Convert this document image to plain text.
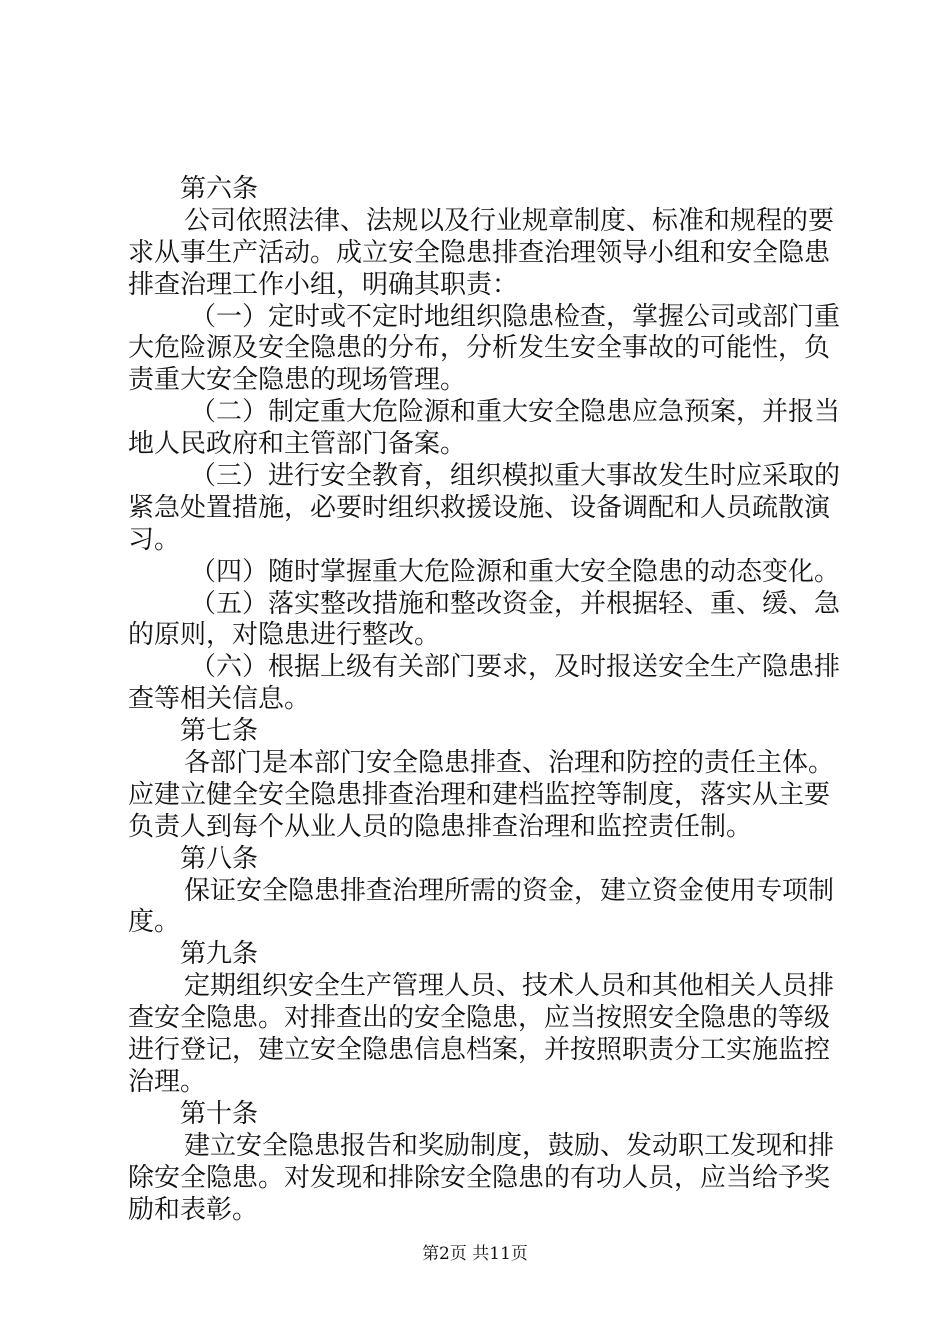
第六条
公司依照法律、法规以及行业规章制度、标准和规程的要
求从事生产活动。成立安全隐患排查治理领导小组和安全隐患
排查治理工作小组，明确其职责：
（一）定时或不定时地组织隐患检查，掌握公司或部门重
大危险源及安全隐患的分布，分析发生安全事故的可能性，负
责重大安全隐患的现场管理。
（二）制定重大危险源和重大安全隐患应急预案，并报当
地人民政府和主管部门备案。
（三）进行安全教育，组织模拟重大事故发生时应采取的
紧急处置措施，必要时组织救援设施、设备调配和人员疏散演
习。
（四）随时掌握重大危险源和重大安全隐患的动态变化。
（五）落实整改措施和整改资金，并根据轻、重、缓、急
的原则，对隐患进行整改。
（六）根据上级有关部门要求，及时报送安全生产隐患排
查等相关信息。
第七条
各部门是本部门安全隐患排查、治理和防控的责任主体。
应建立健全安全隐患排查治理和建档监控等制度，落实从主要
负责人到每个从业人员的隐患排查治理和监控责任制。
第八条
保证安全隐患排查治理所需的资金，建立资金使用专项制
度。
第九条
定期组织安全生产管理人员、技术人员和其他相关人员排
查安全隐患。对排查出的安全隐患，应当按照安全隐患的等级
进行登记，建立安全隐患信息档案，并按照职责分工实施监控
治理。
第十条
建立安全隐患报告和奖励制度，鼓励、发动职工发现和排
除安全隐患。对发现和排除安全隐患的有功人员，应当给予奖
励和表彰。
第2页 共11页
